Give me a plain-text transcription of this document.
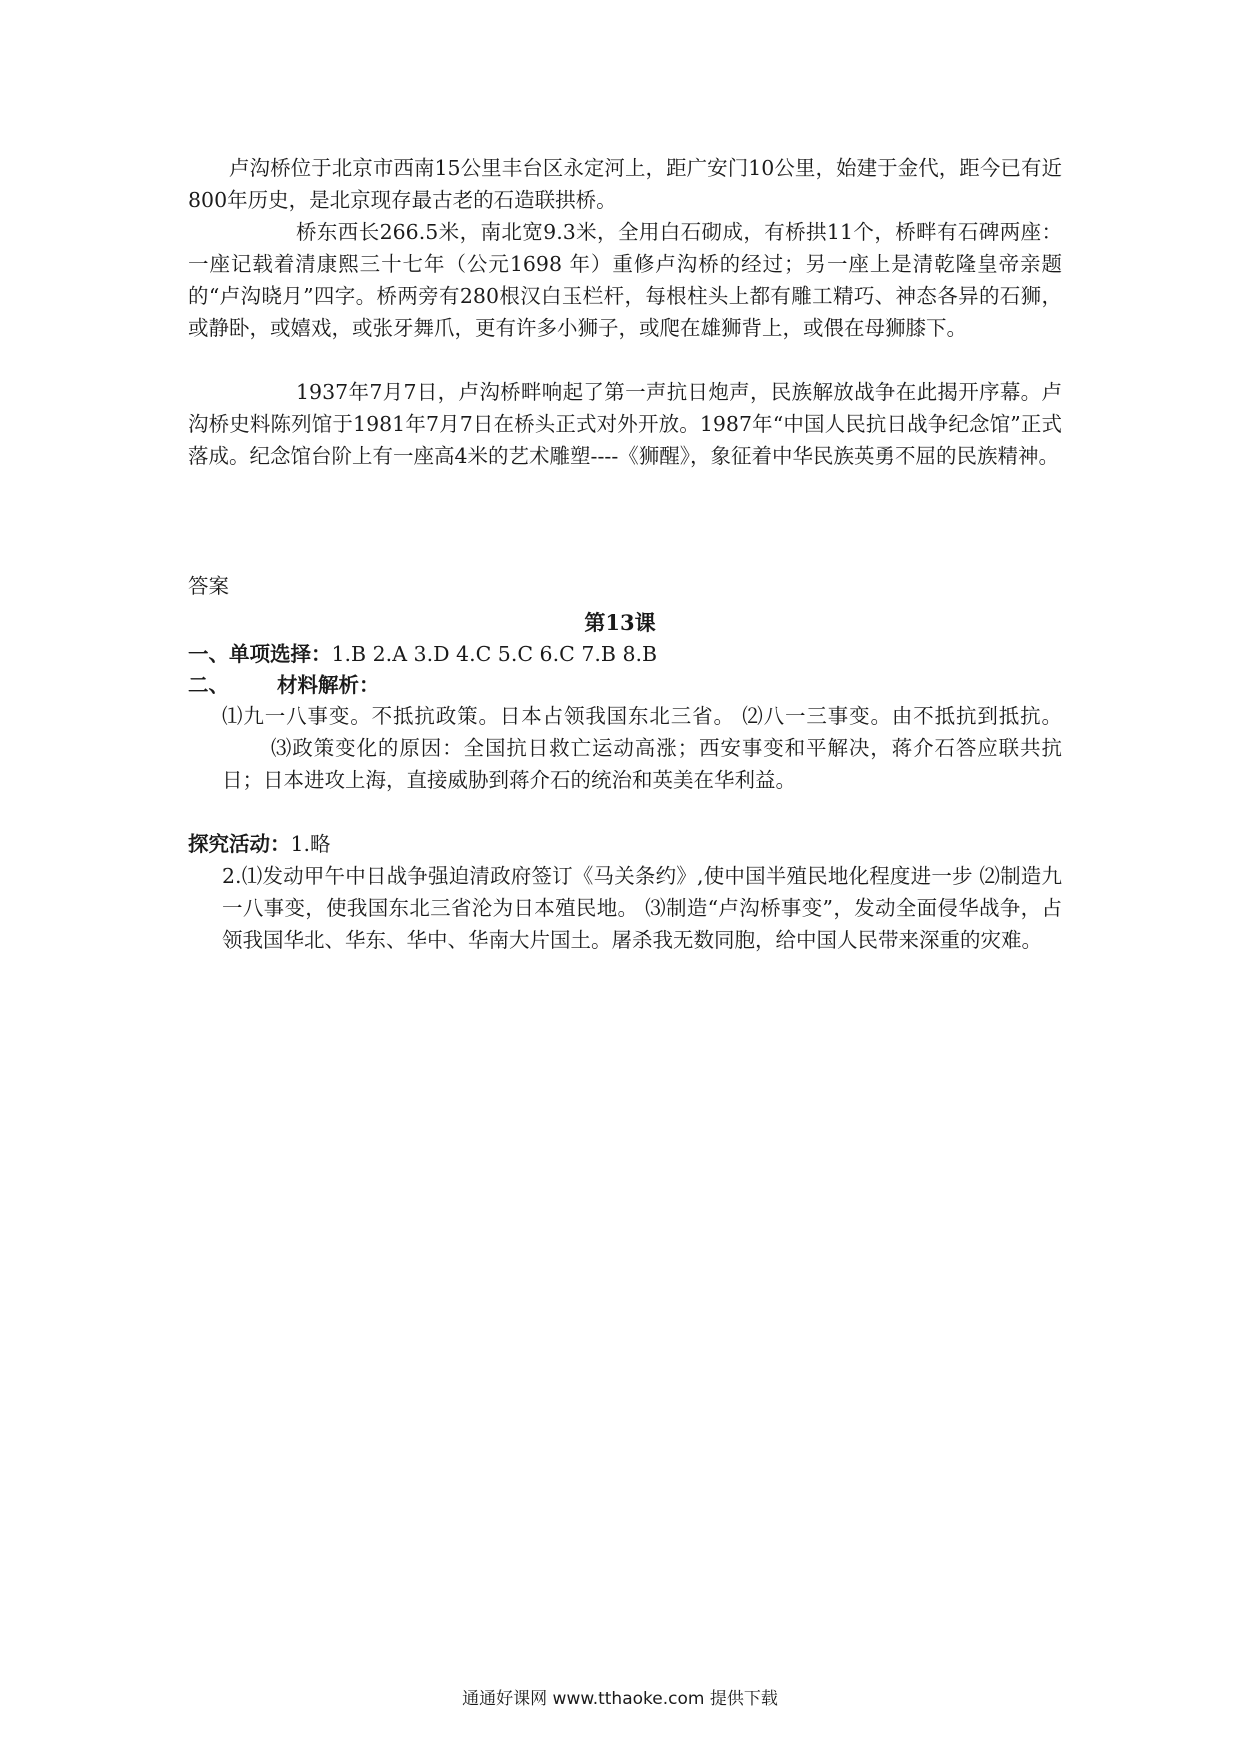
卢沟桥位于北京市西南15公里丰台区永定河上，距广安门10公里，始建于金代，距今已有近800年历史，是北京现存最古老的石造联拱桥。

桥东西长266.5米，南北宽9.3米，全用白石砌成，有桥拱11个，桥畔有石碑两座：一座记载着清康熙三十七年（公元1698 年）重修卢沟桥的经过；另一座上是清乾隆皇帝亲题的“卢沟晓月”四字。桥两旁有280根汉白玉栏杆，每根柱头上都有雕工精巧、神态各异的石狮，或静卧，或嬉戏，或张牙舞爪，更有许多小狮子，或爬在雄狮背上，或偎在母狮膝下。

1937年7月7日，卢沟桥畔响起了第一声抗日炮声，民族解放战争在此揭开序幕。卢沟桥史料陈列馆于1981年7月7日在桥头正式对外开放。1987年“中国人民抗日战争纪念馆”正式落成。纪念馆台阶上有一座高4米的艺术雕塑----《狮醒》，象征着中华民族英勇不屈的民族精神。

答案

第13课

一、单项选择：1.B 2.A 3.D 4.C 5.C 6.C 7.B 8.B

二、 材料解析：

⑴九一八事变。不抵抗政策。日本占领我国东北三省。 ⑵八一三事变。由不抵抗到抵抗。⑶政策变化的原因：全国抗日救亡运动高涨；西安事变和平解决，蒋介石答应联共抗日；日本进攻上海，直接威胁到蒋介石的统治和英美在华利益。

探究活动：1.略

2.⑴发动甲午中日战争强迫清政府签订《马关条约》,使中国半殖民地化程度进一步 ⑵制造九一八事变，使我国东北三省沦为日本殖民地。 ⑶制造“卢沟桥事变”，发动全面侵华战争，占领我国华北、华东、华中、华南大片国土。屠杀我无数同胞，给中国人民带来深重的灾难。

通通好课网 www.tthaoke.com 提供下载
